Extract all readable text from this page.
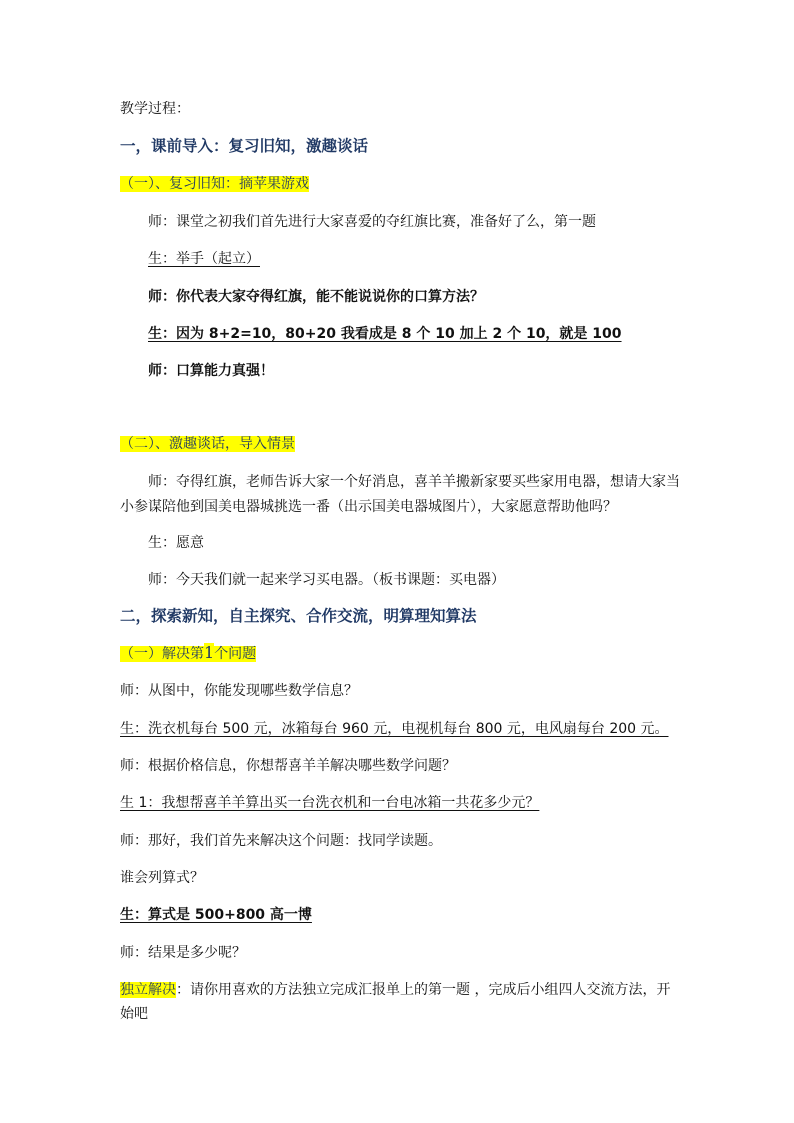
教学过程：
一，课前导入：复习旧知，激趣谈话
（一）、复习旧知：摘苹果游戏
师：课堂之初我们首先进行大家喜爱的夺红旗比赛，准备好了么，第一题
生：举手（起立）
师：你代表大家夺得红旗，能不能说说你的口算方法？
生：因为 8+2=10，80+20 我看成是 8 个 10 加上 2 个 10，就是 100
师：口算能力真强！
（二）、激趣谈话，导入情景
师：夺得红旗，老师告诉大家一个好消息，喜羊羊搬新家要买些家用电器，想请大家当
小参谋陪他到国美电器城挑选一番（出示国美电器城图片），大家愿意帮助他吗？
生：愿意
师：今天我们就一起来学习买电器。（板书课题：买电器）
二，探索新知，自主探究、合作交流，明算理知算法
（一）解决第1个问题
师：从图中，你能发现哪些数学信息？
生：洗衣机每台 500 元，冰箱每台 960 元，电视机每台 800 元，电风扇每台 200 元。
师：根据价格信息，你想帮喜羊羊解决哪些数学问题？
生 1：我想帮喜羊羊算出买一台洗衣机和一台电冰箱一共花多少元？
师：那好，我们首先来解决这个问题：找同学读题。
谁会列算式？
生：算式是 500+800 高一博
师：结果是多少呢？
独立解决：请你用喜欢的方法独立完成汇报单上的第一题 ，完成后小组四人交流方法，开
始吧
